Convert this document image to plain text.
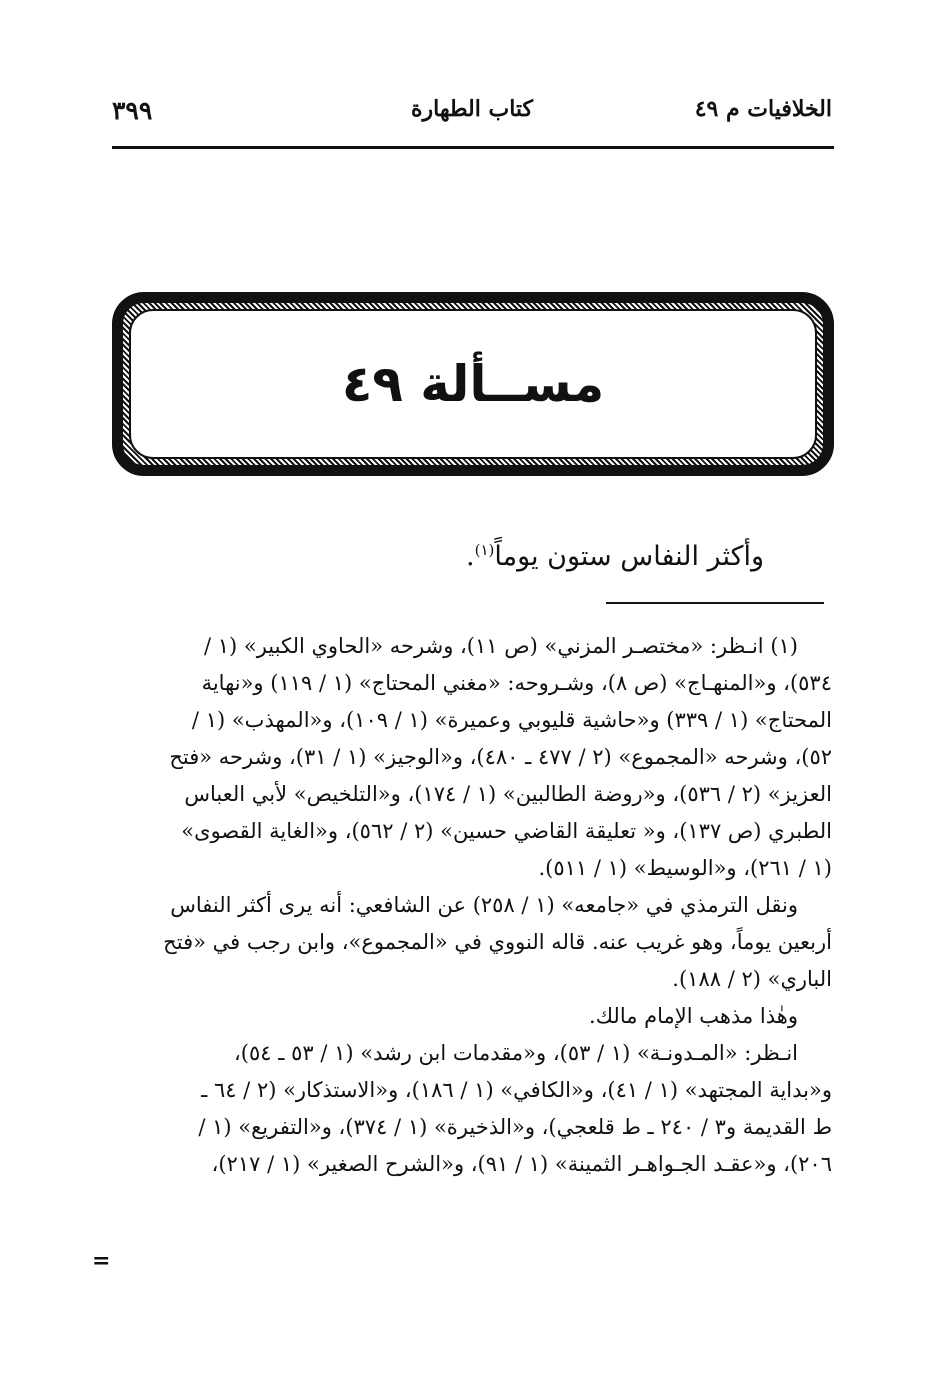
الخلافيات م ٤٩
كتاب الطهارة
٣٩٩
مســألة ٤٩
وأكثر النفاس ستون يوماً$^{(١)}$.
(١) انـظر: «مختصـر المزني» (ص ١١)، وشرحه «الحاوي الكبير» (١ /
٥٣٤)، و«المنهـاج» (ص ٨)، وشـروحه: «مغني المحتاج» (١ / ١١٩) و«نهاية
المحتاج» (١ / ٣٣٩) و«حاشية قليوبي وعميرة» (١ / ١٠٩)، و«المهذب» (١ /
٥٢)، وشرحه «المجموع» (٢ / ٤٧٧ ـ ٤٨٠)، و«الوجيز» (١ / ٣١)، وشرحه «فتح
العزيز» (٢ / ٥٣٦)، و«روضة الطالبين» (١ / ١٧٤)، و«التلخيص» لأبي العباس
الطبري (ص ١٣٧)، و« تعليقة القاضي حسين» (٢ / ٥٦٢)، و«الغاية القصوى»
(١ / ٢٦١)، و«الوسيط» (١ / ٥١١).
ونقل الترمذي في «جامعه» (١ / ٢٥٨) عن الشافعي: أنه يرى أكثر النفاس
أربعين يوماً، وهو غريب عنه. قاله النووي في «المجموع»، وابن رجب في «فتح
الباري» (٢ / ١٨٨).
وهٰذا مذهب الإمام مالك.
انـظر: «المـدونـة» (١ / ٥٣)، و«مقدمات ابن رشد» (١ / ٥٣ ـ ٥٤)،
و«بداية المجتهد» (١ / ٤١)، و«الكافي» (١ / ١٨٦)، و«الاستذكار» (٢ / ٦٤ ـ
ط القديمة و٣ / ٢٤٠ ـ ط قلعجي)، و«الذخيرة» (١ / ٣٧٤)، و«التفريع» (١ /
٢٠٦)، و«عقـد الجـواهـر الثمينة» (١ / ٩١)، و«الشرح الصغير» (١ / ٢١٧)،
=
